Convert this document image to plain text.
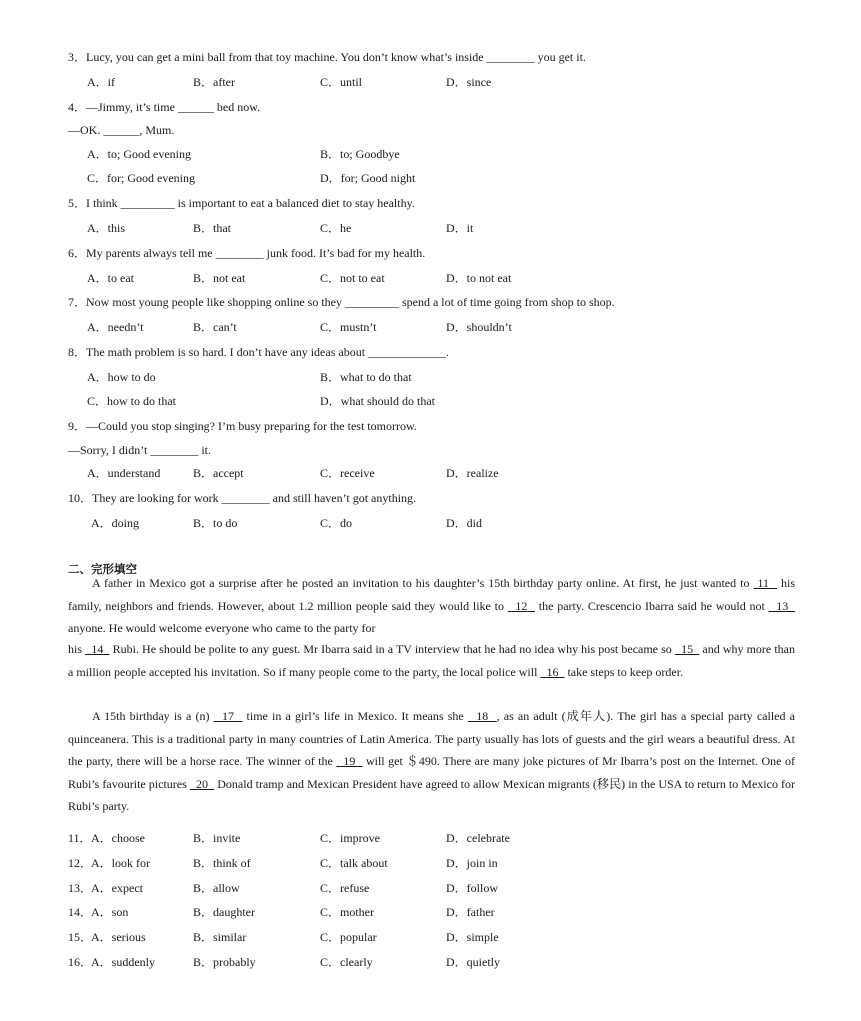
3．Lucy, you can get a mini ball from that toy machine. You don’t know what’s inside ________ you get it.
A．if	B．after	C．until	D．since
4．—Jimmy, it’s time ______ bed now.
—OK. ______, Mum.
A．to; Good evening	B．to; Goodbye
C．for; Good evening	D．for; Good night
5．I think _________ is important to eat a balanced diet to stay healthy.
A．this	B．that	C．he	D．it
6．My parents always tell me ________ junk food. It’s bad for my health.
A．to eat	B．not eat	C．not to eat	D．to not eat
7．Now most young people like shopping online so they _________ spend a lot of time going from shop to shop.
A．needn’t	B．can’t	C．mustn’t	D．shouldn’t
8．The math problem is so hard. I don’t have any ideas about _____________.
A．how to do	B．what to do that
C．how to do that	D．what should do that
9．—Could you stop singing? I’m busy preparing for the test tomorrow.
—Sorry, I didn’t ________ it.
A．understand	B．accept	C．receive	D．realize
10．They are looking for work ________ and still haven’t got anything.
A．doing	B．to do	C．do	D．did
二、完形填空
A father in Mexico got a surprise after he posted an invitation to his daughter’s 15th birthday party online. At first, he just wanted to  11   his family, neighbors and friends. However, about 1.2 million people said they would like to   12   the party. Crescencio Ibarra said he would not   13   anyone. He would welcome everyone who came to the party for
his   14   Rubi. He should be polite to any guest. Mr Ibarra said in a TV interview that he had no idea why his post became so   15   and why more than a million people accepted his invitation. So if many people come to the party, the local police will   16   take steps to keep order.
A 15th birthday is a (n)   17   time in a girl’s life in Mexico. It means she   18 , as an adult (成年人). The girl has a special party called a quinceanera. This is a traditional party in many countries of Latin America. The party usually has lots of guests and the girl wears a beautiful dress. At the party, there will be a horse race. The winner of the   19   will get ＄490. There are many joke pictures of Mr Ibarra’s post on the Internet. One of Rubi’s favourite pictures   20   Donald tramp and Mexican President have agreed to allow Mexican migrants (移民) in the USA to return to Mexico for Rubi’s party.
11． A．choose	B．invite	C．improve	D．celebrate
12．
A．look for	B．think of	C．talk about	D．join in
13．
A．expect	B．allow	C．refuse	D．follow
14．
A．son	B．daughter	C．mother	D．father
15．
A．serious	B．similar	C．popular	D．simple
16．
A．suddenly	B．probably	C．clearly	D．quietly
